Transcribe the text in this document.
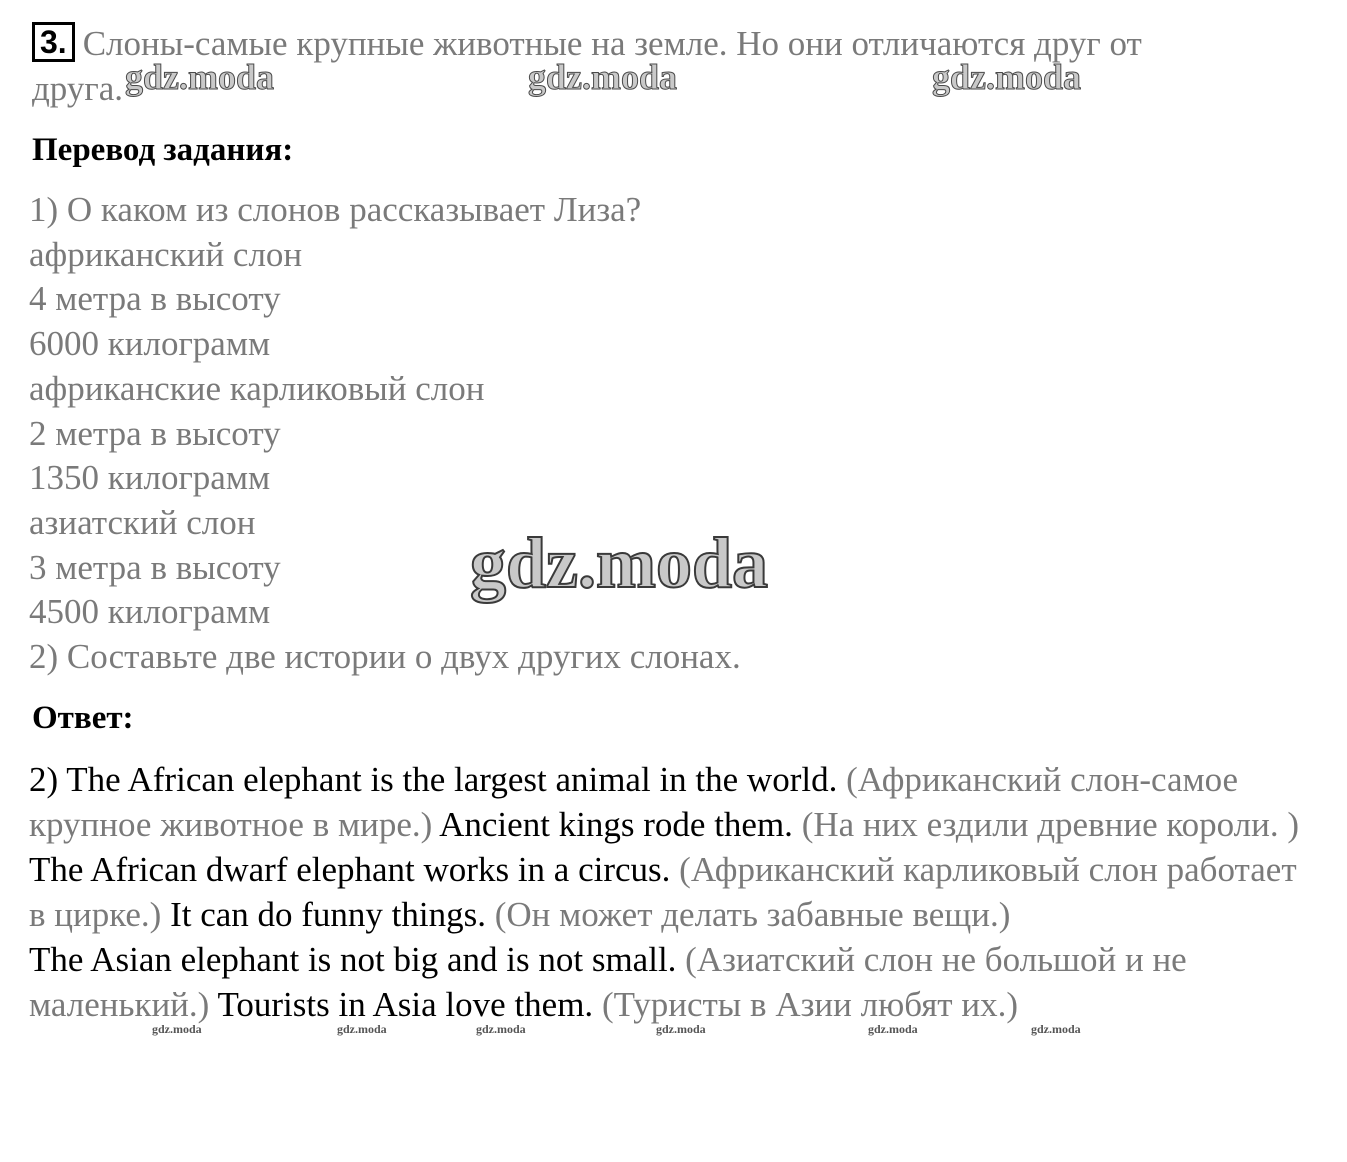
3. Слоны-самые крупные животные на земле. Но они отличаются друг от
друга.
Перевод задания:
1) О каком из слонов рассказывает Лиза?
африканский слон
4 метра в высоту
6000 килограмм
африканские карликовый слон
2 метра в высоту
1350 килограмм
азиатский слон
3 метра в высоту
4500 килограмм
2) Составьте две истории о двух других слонах.
Ответ:

2) The African elephant is the largest animal in the world. (Африканский слон-самое крупное животное в мире.) Ancient kings rode them. (На них ездили древние короли. )

The African dwarf elephant works in a circus. (Африканский карликовый слон работает в цирке.) It can do funny things. (Он может делать забавные вещи.)

The Asian elephant is not big and is not small. (Азиатский слон не большой и не маленький.) Tourists in Asia love them. (Туристы в Азии любят их.)

gdz.moda	gdz.moda	gdz.moda
gdz.moda
gdz.moda	gdz.moda	gdz.moda	gdz.moda	gdz.moda	gdz.moda
